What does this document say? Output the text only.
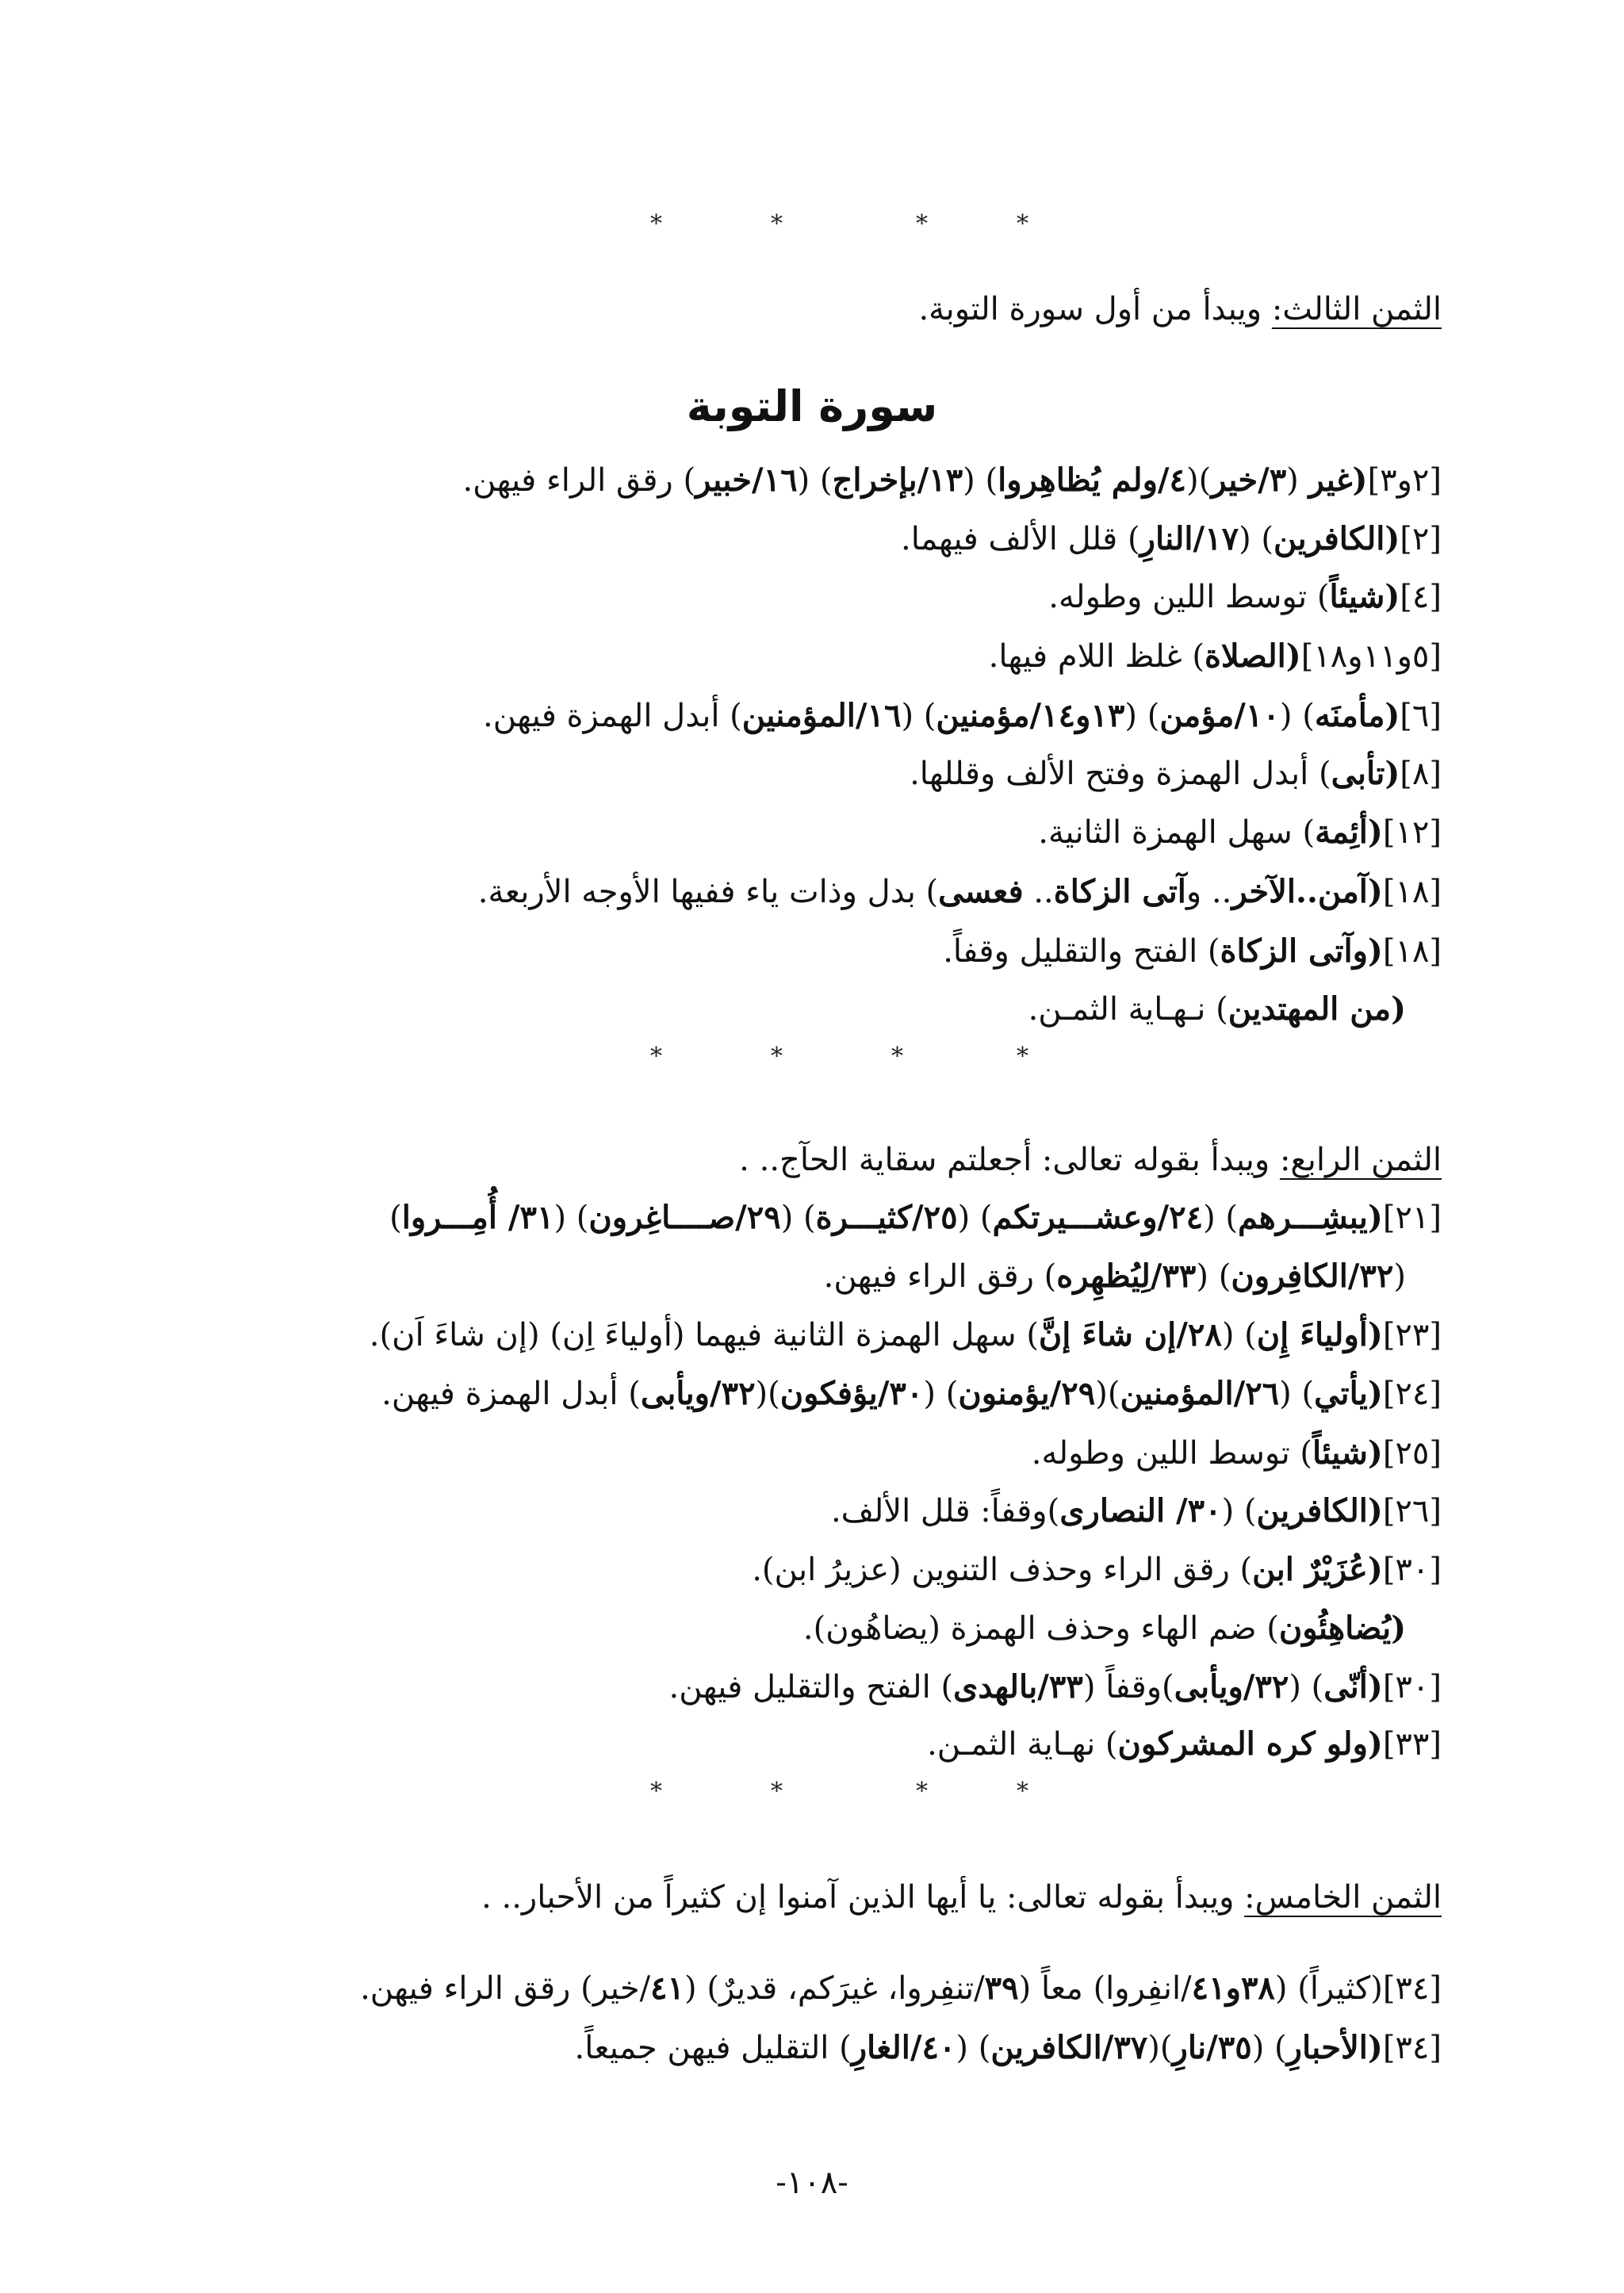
*	*	*	*
الثمن الثالث: ويبدأ من أول سورة التوبة.
سورة التوبة
[٢و٣](غير (٣/خير)(٤/ولم يُظاهِروا) (١٣/بإخراج) (١٦/خبير) رقق الراء فيهن.
[٢](الكافرين) (١٧/النارِ) قلل الألف فيهما.
[٤](شيئاً) توسط اللين وطوله.
[٥و١١و١٨](الصلاة) غلظ اللام فيها.
[٦](مأمنَه) (١٠/مؤمن) (١٣و١٤/مؤمنين) (١٦/المؤمنين) أبدل الهمزة فيهن.
[٨](تأبى) أبدل الهمزة وفتح الألف وقللها.
[١٢](أئِمة) سهل الهمزة الثانية.
[١٨](آمن..الآخر.. وآتى الزكاة.. فعسى) بدل وذات ياء ففيها الأوجه الأربعة.
[١٨](وآتى الزكاة) الفتح والتقليل وقفاً.
(من المهتدين) نـهـاية الثمـن.
*	*	*	*
الثمن الرابع: ويبدأ بقوله تعالى: أجعلتم سقاية الحآج.. .
[٢١](يبشِـــرهم) (٢٤/وعشـــيرتكم) (٢٥/كثيـــرة) (٢٩/صــــاغِرون) (٣١/ أُمِـــروا)
(٣٢/الكافِرون) (٣٣/لِيُظهِره) رقق الراء فيهن.
[٢٣](أولياءَ إِن) (٢٨/إن شاءَ إنَّ) سهل الهمزة الثانية فيهما (أولياءَ اِن) (إن شاءَ اَن).
[٢٤](يأتي) (٢٦/المؤمنين)(٢٩/يؤمنون) (٣٠/يؤفكون)(٣٢/ويأبى) أبدل الهمزة فيهن.
[٢٥](شيئاً) توسط اللين وطوله.
[٢٦](الكافرين) (٣٠/ النصارى)وقفاً: قلل الألف.
[٣٠](عُزَيْرٌ ابن) رقق الراء وحذف التنوين (عزيرُ ابن).
(يُضاهِئُون) ضم الهاء وحذف الهمزة (يضاهُون).
[٣٠](أنّى) (٣٢/ويأبى)وقفاً (٣٣/بالهدى) الفتح والتقليل فيهن.
[٣٣](ولو كره المشركون) نهـاية الثمـن.
*	*	*	*
الثمن الخامس: ويبدأ بقوله تعالى: يا أيها الذين آمنوا إن كثيراً من الأحبار.. .
[٣٤](كثيراً) (٣٨و٤١/انفِروا) معاً (٣٩/تنفِروا، غيرَكم، قديرٌ) (٤١/خير) رقق الراء فيهن.
[٣٤](الأحبارِ) (٣٥/نارِ)(٣٧/الكافرين) (٤٠/الغارِ) التقليل فيهن جميعاً.
-١٠٨-
